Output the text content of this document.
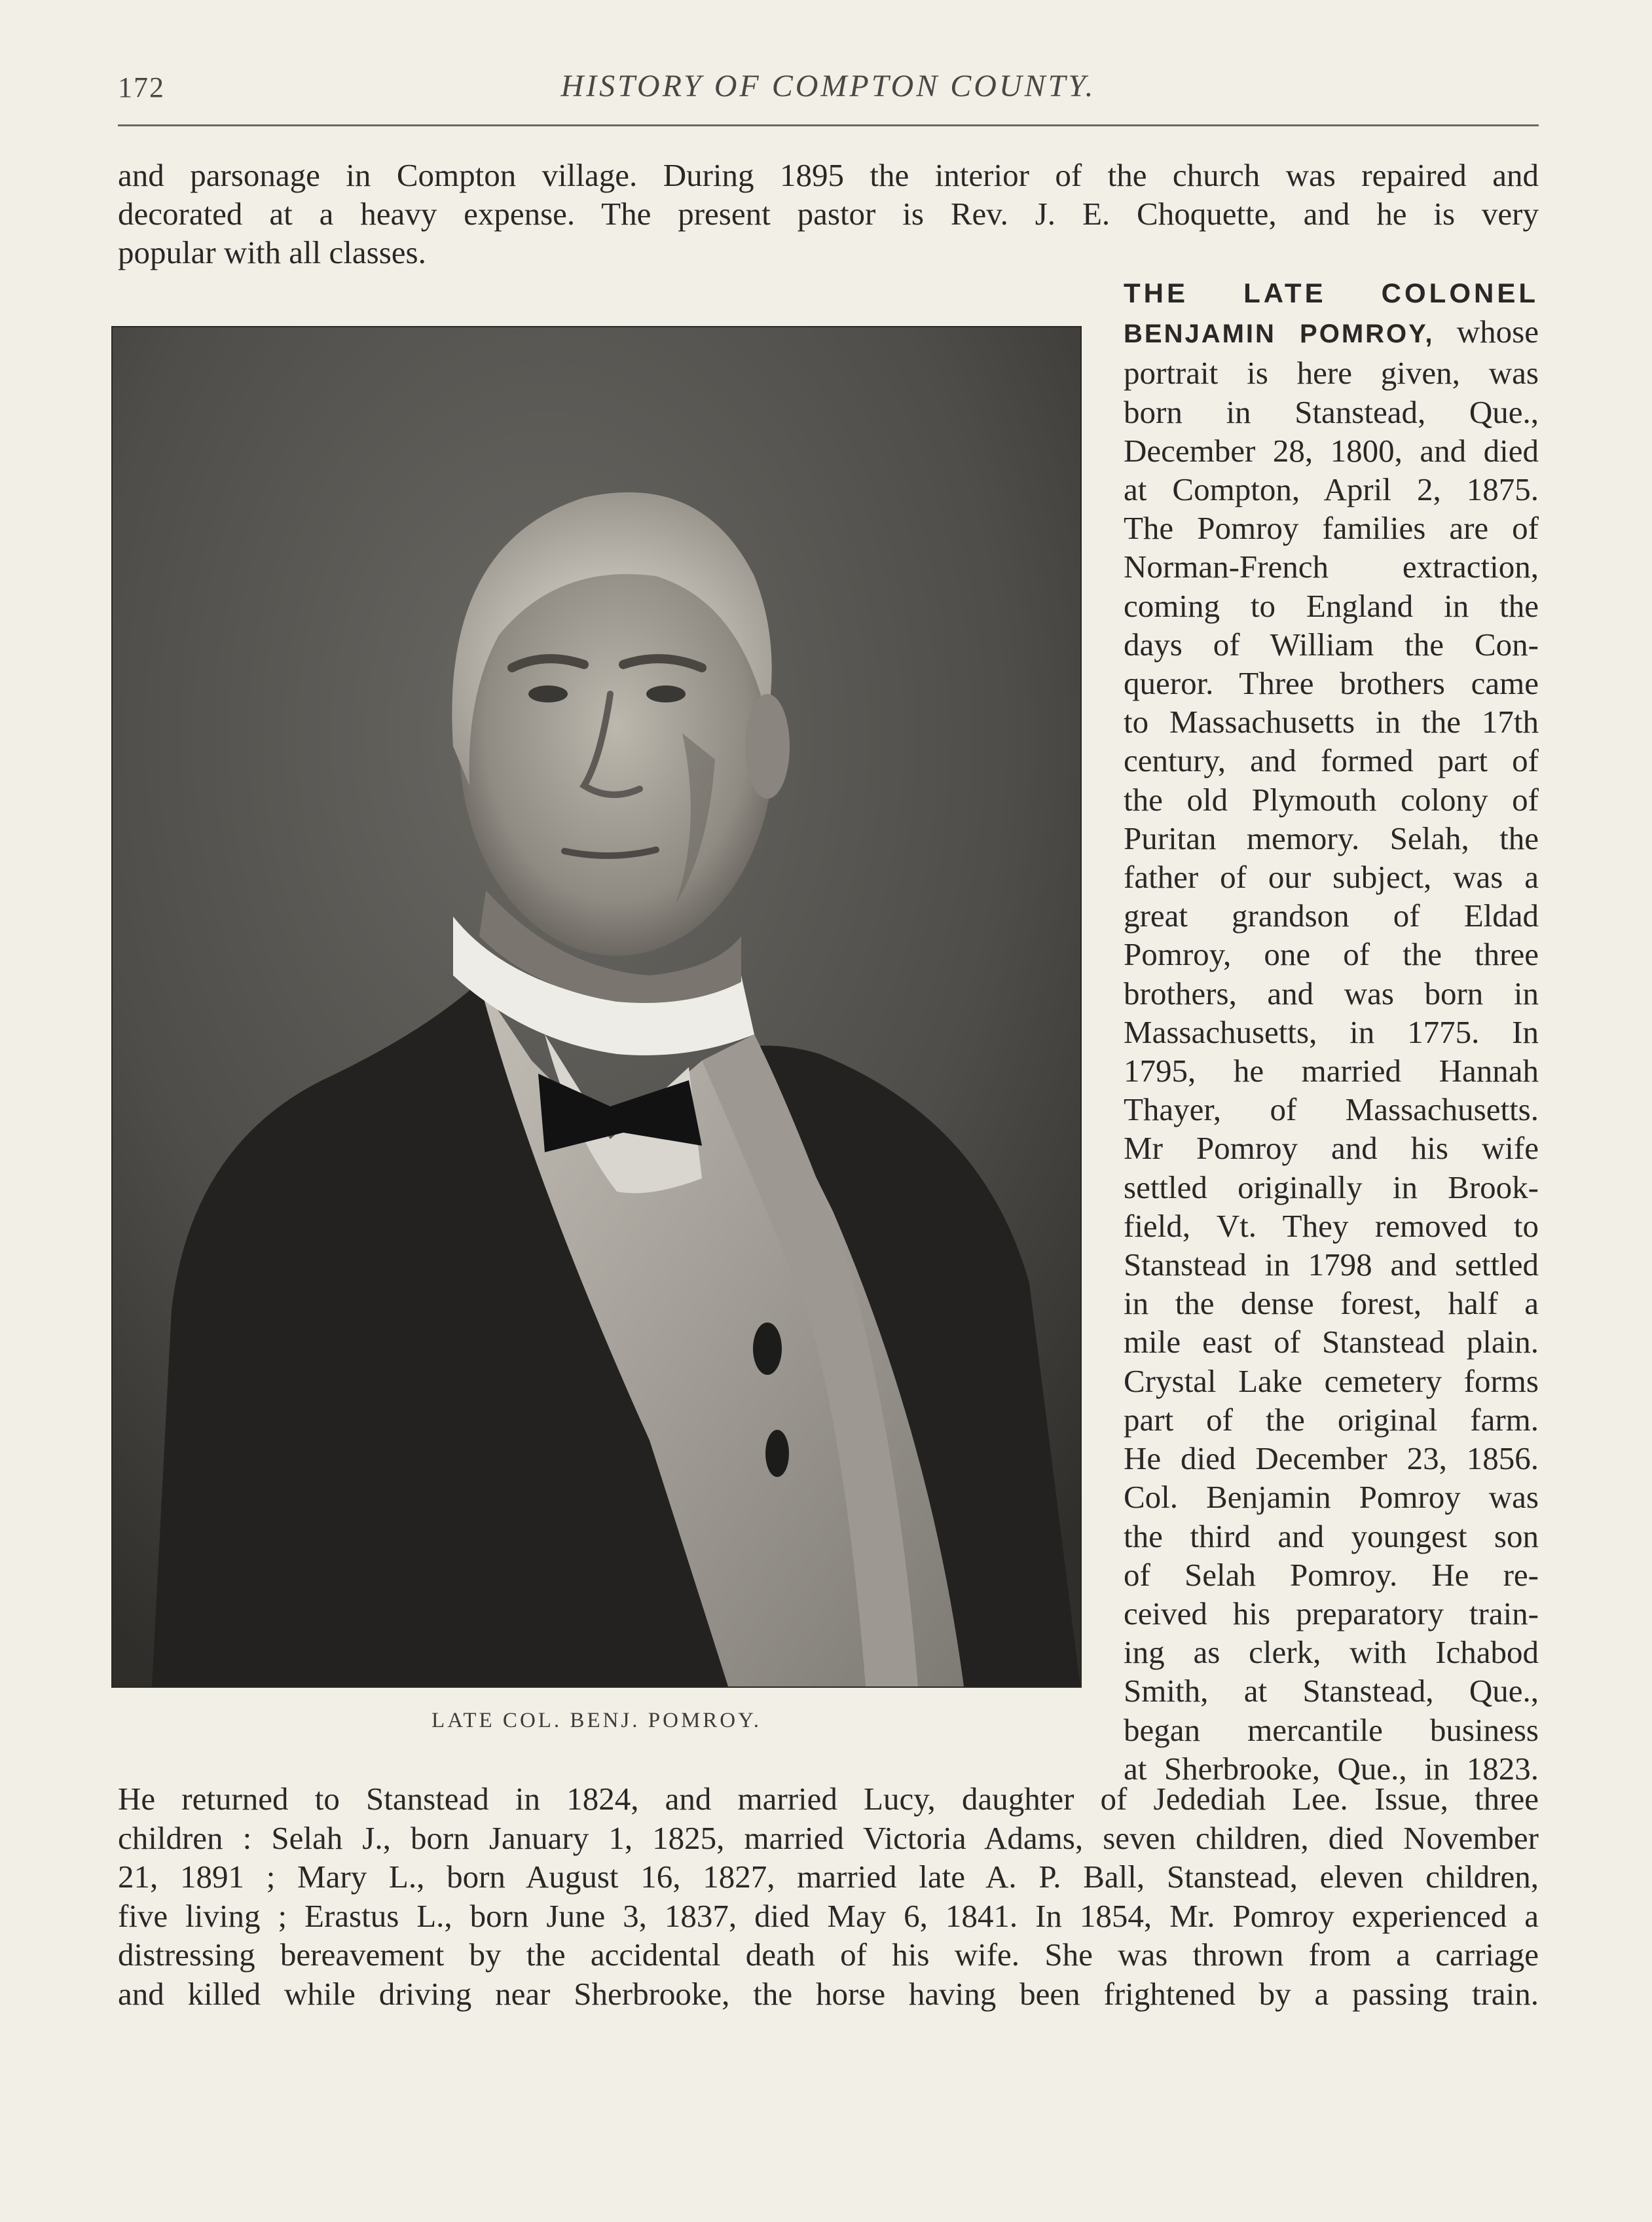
172	HISTORY OF COMPTON COUNTY.
and parsonage in Compton village. During 1895 the interior of the church was repaired and
decorated at a heavy expense. The present pastor is Rev. J. E. Choquette, and he is very
popular with all classes.
LATE COL. BENJ. POMROY.
THE LATE COLONEL
BENJAMIN POMROY, whose
portrait is here given, was
born in Stanstead, Que.,
December 28, 1800, and died
at Compton, April 2, 1875.
The Pomroy families are of
Norman-French extraction,
coming to England in the
days of William the Con-
queror. Three brothers came
to Massachusetts in the 17th
century, and formed part of
the old Plymouth colony of
Puritan memory. Selah, the
father of our subject, was a
great grandson of Eldad
Pomroy, one of the three
brothers, and was born in
Massachusetts, in 1775. In
1795, he married Hannah
Thayer, of Massachusetts.
Mr Pomroy and his wife
settled originally in Brook-
field, Vt. They removed to
Stanstead in 1798 and settled
in the dense forest, half a
mile east of Stanstead plain.
Crystal Lake cemetery forms
part of the original farm.
He died December 23, 1856.
Col. Benjamin Pomroy was
the third and youngest son
of Selah Pomroy. He re-
ceived his preparatory train-
ing as clerk, with Ichabod
Smith, at Stanstead, Que.,
began mercantile business
at Sherbrooke, Que., in 1823.
He returned to Stanstead in 1824, and married Lucy, daughter of Jedediah Lee. Issue, three
children : Selah J., born January 1, 1825, married Victoria Adams, seven children, died November
21, 1891 ; Mary L., born August 16, 1827, married late A. P. Ball, Stanstead, eleven children,
five living ; Erastus L., born June 3, 1837, died May 6, 1841. In 1854, Mr. Pomroy experienced a
distressing bereavement by the accidental death of his wife. She was thrown from a carriage
and killed while driving near Sherbrooke, the horse having been frightened by a passing train.
